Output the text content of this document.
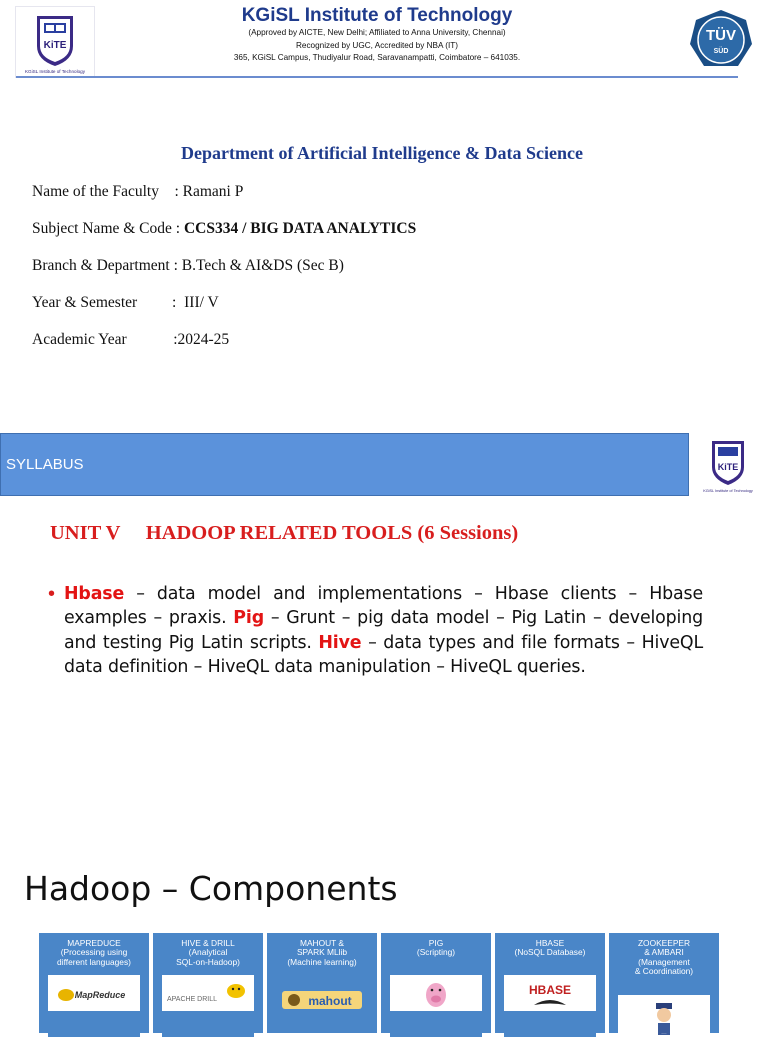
KiTE
KGiSL Institute of Technology
KGiSL Institute of Technology
(Approved by AICTE, New Delhi; Affiliated to Anna University, Chennai)
Recognized by UGC, Accredited by NBA (IT)
365, KGiSL Campus, Thudiyalur Road, Saravanampatti, Coimbatore – 641035.
TÜV
SÜD
Department of Artificial Intelligence & Data Science
Name of the Faculty    : Ramani P
Subject Name & Code : CCS334 / BIG DATA ANALYTICS
Branch & Department : B.Tech & AI&DS (Sec B)
Year & Semester         :  III/ V
Academic Year            :2024-25
SYLLABUS	KiTE
KGiSL Institute of Technology
UNIT V     HADOOP RELATED TOOLS (6 Sessions)
• Hbase – data model and implementations – Hbase clients – Hbase examples – praxis. Pig – Grunt – pig data model – Pig Latin – developing and testing Pig Latin scripts. Hive – data types and file formats – HiveQL data definition – HiveQL data manipulation – HiveQL queries.
Hadoop – Components
MAPREDUCE
(Processing using
different languages)
MapReduce
HIVE & DRILL
(Analytical
SQL-on-Hadoop)
APACHE DRILL
MAHOUT &
SPARK MLlib
(Machine learning)
mahout
PIG
(Scripting)
Pig
HBASE
(NoSQL Database)
HBASE
ZOOKEEPER
& AMBARI
(Management
& Coordination)
ZooKeeper
